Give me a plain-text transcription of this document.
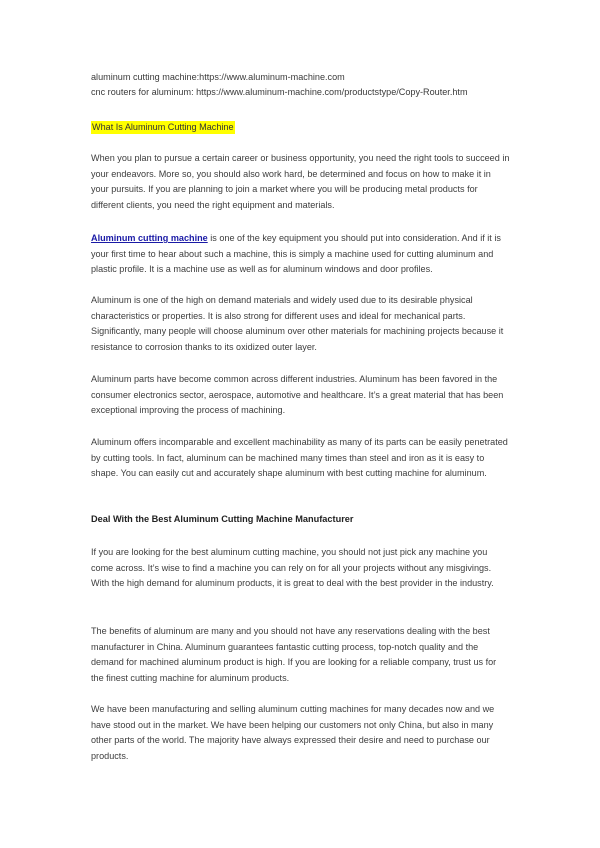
aluminum cutting machine:https://www.aluminum-machine.com
cnc routers for aluminum: https://www.aluminum-machine.com/productstype/Copy-Router.htm
What Is Aluminum Cutting Machine

When you plan to pursue a certain career or business opportunity, you need the right tools to succeed in your endeavors. More so, you should also work hard, be determined and focus on how to make it in your pursuits. If you are planning to join a market where you will be producing metal products for different clients, you need the right equipment and materials.

Aluminum cutting machine is one of the key equipment you should put into consideration. And if it is your first time to hear about such a machine, this is simply a machine used for cutting aluminum and plastic profile. It is a machine use as well as for aluminum windows and door profiles.

Aluminum is one of the high on demand materials and widely used due to its desirable physical characteristics or properties. It is also strong for different uses and ideal for mechanical parts. Significantly, many people will choose aluminum over other materials for machining projects because it resistance to corrosion thanks to its oxidized outer layer.

Aluminum parts have become common across different industries. Aluminum has been favored in the consumer electronics sector, aerospace, automotive and healthcare. It’s a great material that has been exceptional improving the process of machining.

Aluminum offers incomparable and excellent machinability as many of its parts can be easily penetrated by cutting tools. In fact, aluminum can be machined many times than steel and iron as it is easy to shape. You can easily cut and accurately shape aluminum with best cutting machine for aluminum.

Deal With the Best Aluminum Cutting Machine Manufacturer

If you are looking for the best aluminum cutting machine, you should not just pick any machine you come across. It’s wise to find a machine you can rely on for all your projects without any misgivings. With the high demand for aluminum products, it is great to deal with the best provider in the industry.

The benefits of aluminum are many and you should not have any reservations dealing with the best manufacturer in China. Aluminum guarantees fantastic cutting process, top-notch quality and the demand for machined aluminum product is high. If you are looking for a reliable company, trust us for the finest cutting machine for aluminum products.

We have been manufacturing and selling aluminum cutting machines for many decades now and we have stood out in the market. We have been helping our customers not only China, but also in many other parts of the world. The majority have always expressed their desire and need to purchase our products.
